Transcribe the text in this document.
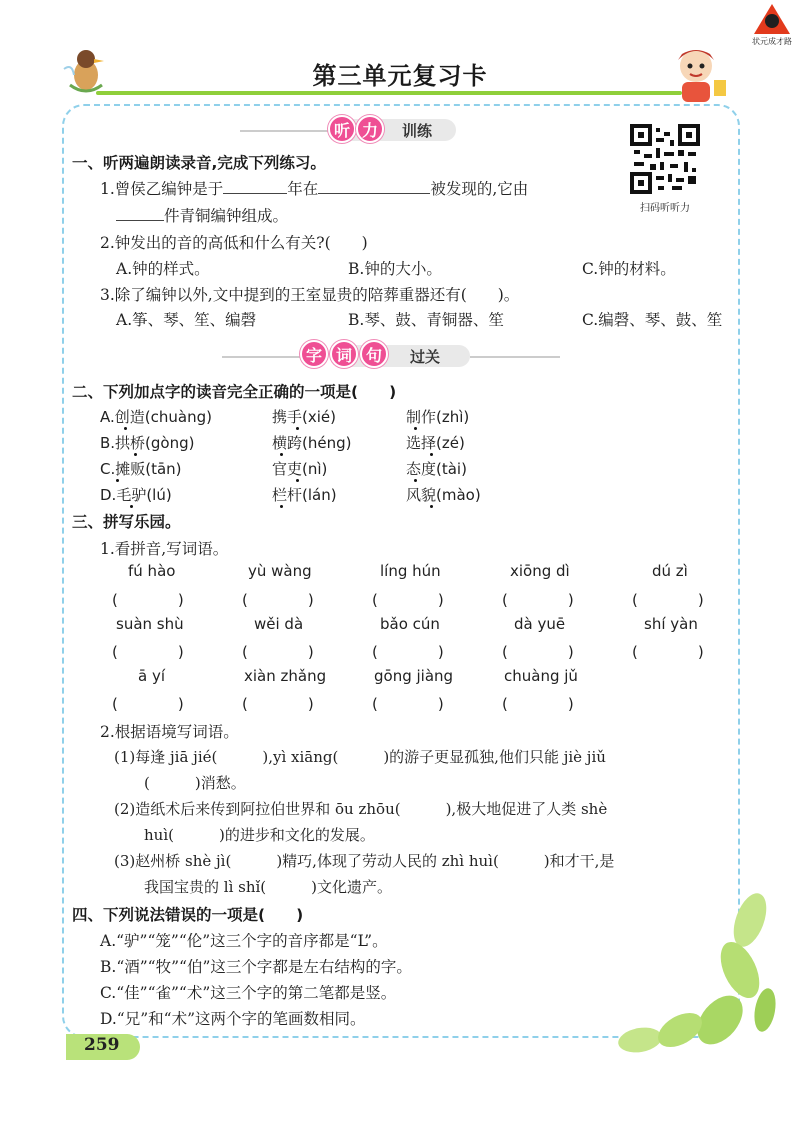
状元成才路
第三单元复习卡
听 力	训练
扫码听听力
一、听两遍朗读录音,完成下列练习。
1.曾侯乙编钟是于	年在	被发现的,它由
件青铜编钟组成。
2.钟发出的音的高低和什么有关?(　　)
A.钟的样式。	B.钟的大小。	C.钟的材料。
3.除了编钟以外,文中提到的王室显贵的陪葬重器还有(　　)。
A.筝、琴、笙、编磬	B.琴、鼓、青铜器、笙	C.编磬、琴、鼓、笙
字 词 句	过关
二、下列加点字的读音完全正确的一项是(　　)
A.创造(chuàng)	携手(xié)	制作(zhì)
B.拱桥(gòng)	横跨(héng)	选择(zé)
C.摊贩(tān)	官吏(nì)	态度(tài)
D.毛驴(lú)	栏杆(lán)	风貌(mào)
三、拼写乐园。
1.看拼音,写词语。
fú hào	yù wàng	líng hún	xiōng dì	dú zì
(　　　　)	(　　　　)	(　　　　)	(　　　　)	(　　　　)
suàn shù	wěi dà	bǎo cún	dà yuē	shí yàn
(　　　　)	(　　　　)	(　　　　)	(　　　　)	(　　　　)
ā yí	xiàn zhǎng	gōng jiàng	chuàng jǔ
(　　　　)	(　　　　)	(　　　　)	(　　　　)
2.根据语境写词语。
(1)每逢 jiā jié(　　　),yì xiāng(　　　)的游子更显孤独,他们只能 jiè jiǔ
(　　　)消愁。
(2)造纸术后来传到阿拉伯世界和 ōu zhōu(　　　),极大地促进了人类 shè
huì(　　　)的进步和文化的发展。
(3)赵州桥 shè jì(　　　)精巧,体现了劳动人民的 zhì huì(　　　)和才干,是
我国宝贵的 lì shǐ(　　　)文化遗产。
四、下列说法错误的一项是(　　)
A.“驴”“笼”“伦”这三个字的音序都是“L”。
B.“酒”“牧”“伯”这三个字都是左右结构的字。
C.“佳”“雀”“术”这三个字的第二笔都是竖。
D.“兄”和“术”这两个字的笔画数相同。
259
